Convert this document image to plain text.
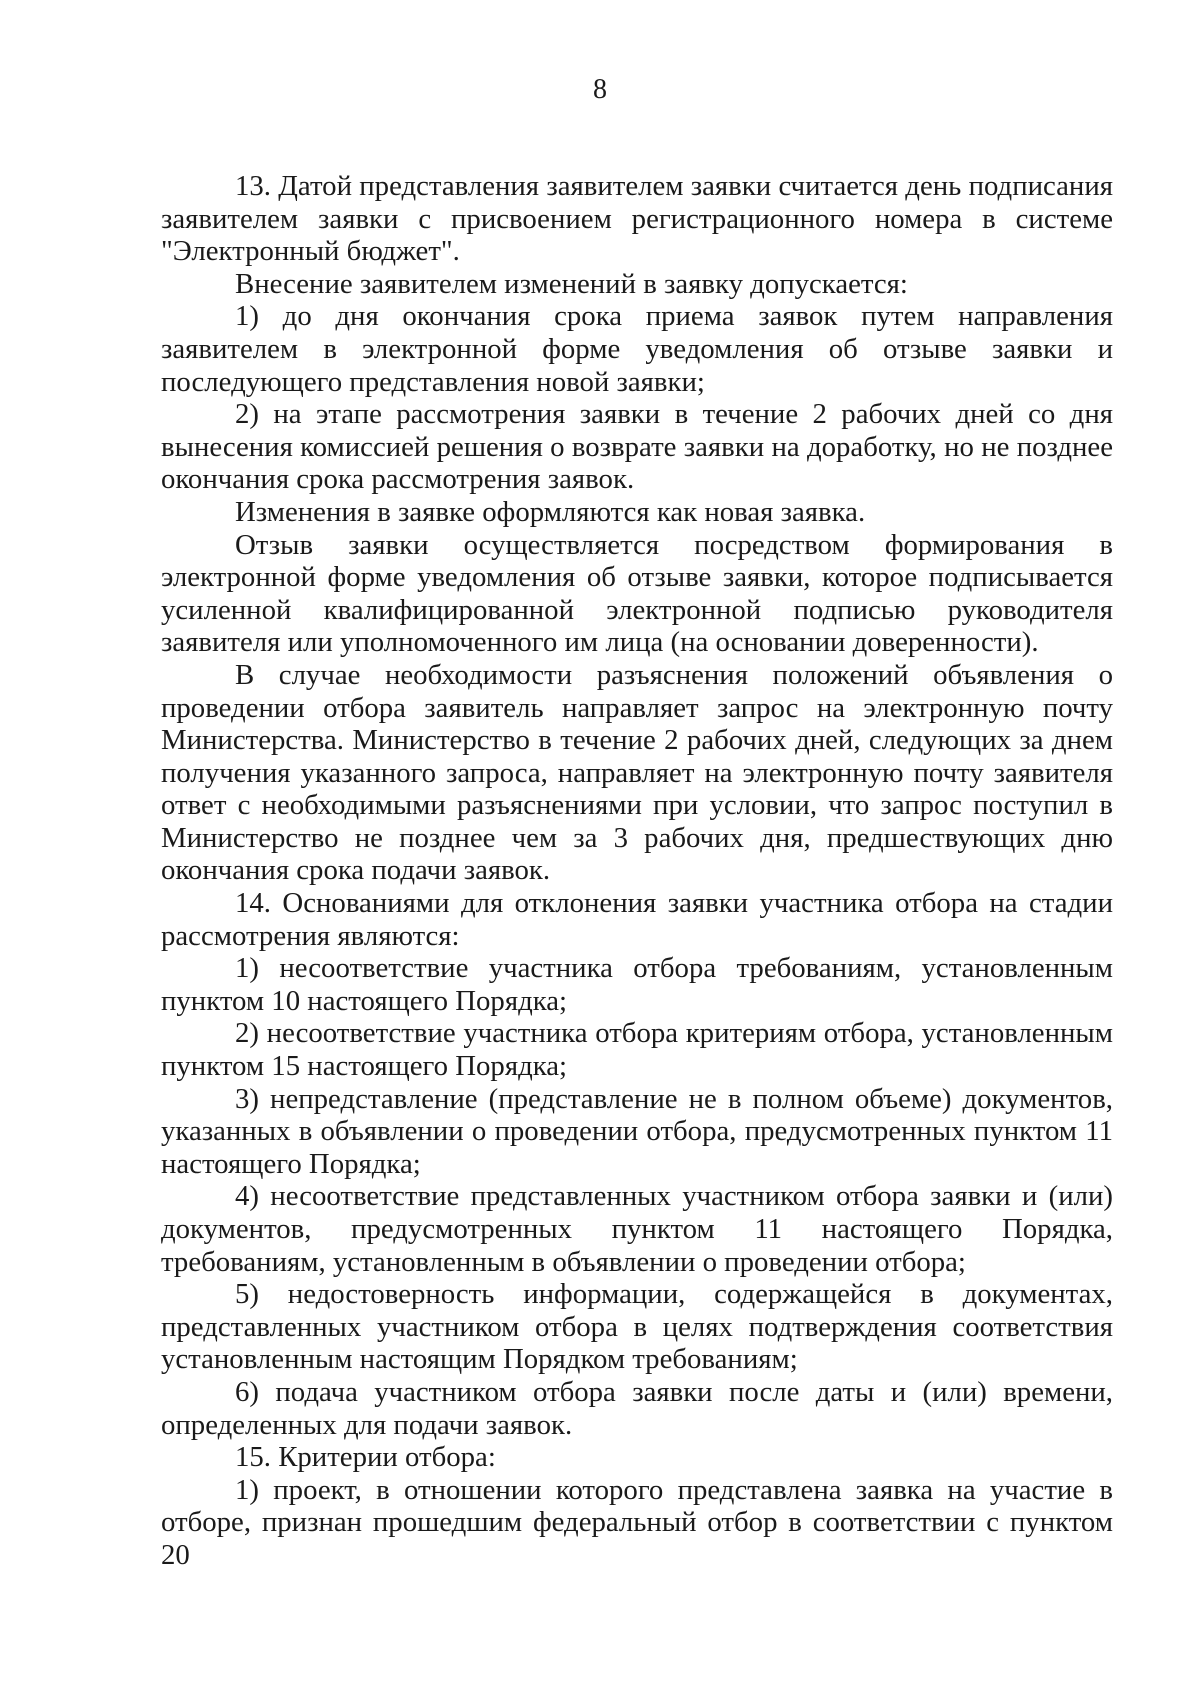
8

13. Датой представления заявителем заявки считается день подписания заявителем заявки с присвоением регистрационного номера в системе "Электронный бюджет".

Внесение заявителем изменений в заявку допускается:

1) до дня окончания срока приема заявок путем направления заявителем в электронной форме уведомления об отзыве заявки и последующего представления новой заявки;

2) на этапе рассмотрения заявки в течение 2 рабочих дней со дня вынесения комиссией решения о возврате заявки на доработку, но не позднее окончания срока рассмотрения заявок.

Изменения в заявке оформляются как новая заявка.

Отзыв заявки осуществляется посредством формирования в электронной форме уведомления об отзыве заявки, которое подписывается усиленной квалифицированной электронной подписью руководителя заявителя или уполномоченного им лица (на основании доверенности).

В случае необходимости разъяснения положений объявления о проведении отбора заявитель направляет запрос на электронную почту Министерства. Министерство в течение 2 рабочих дней, следующих за днем получения указанного запроса, направляет на электронную почту заявителя ответ с необходимыми разъяснениями при условии, что запрос поступил в Министерство не позднее чем за 3 рабочих дня, предшествующих дню окончания срока подачи заявок.

14. Основаниями для отклонения заявки участника отбора на стадии рассмотрения являются:

1) несоответствие участника отбора требованиям, установленным пунктом 10 настоящего Порядка;

2) несоответствие участника отбора критериям отбора, установленным пунктом 15 настоящего Порядка;

3) непредставление (представление не в полном объеме) документов, указанных в объявлении о проведении отбора, предусмотренных пунктом 11 настоящего Порядка;

4) несоответствие представленных участником отбора заявки и (или) документов, предусмотренных пунктом 11 настоящего Порядка, требованиям, установленным в объявлении о проведении отбора;

5) недостоверность информации, содержащейся в документах, представленных участником отбора в целях подтверждения соответствия установленным настоящим Порядком требованиям;

6) подача участником отбора заявки после даты и (или) времени, определенных для подачи заявок.

15. Критерии отбора:

1) проект, в отношении которого представлена заявка на участие в отборе, признан прошедшим федеральный отбор в соответствии с пунктом 20
